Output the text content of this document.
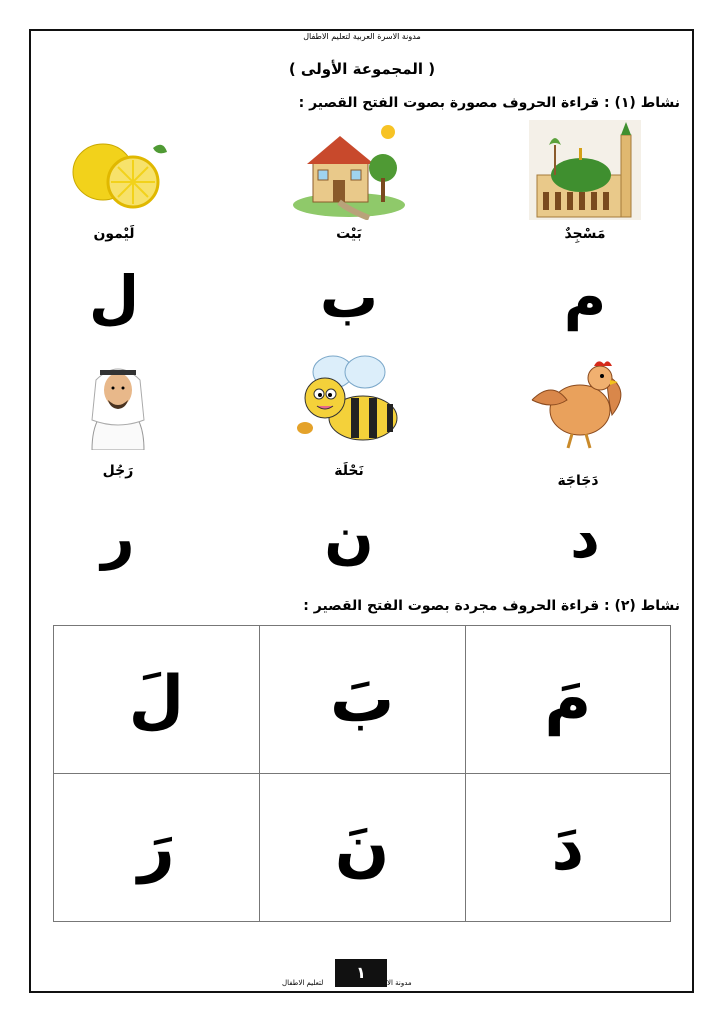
مدونة الاسرة العربية لتعليم الاطفال
( المجموعة الأولى )
نشاط (١) : قراءة الحروف مصورة بصوت الفتح القصير :
مَسْجِدٌ
بَيْت
لَيْمون
م
ب
ل
دَجَاجَة
نَحْلَة
رَجُل
د
ن
ر
نشاط (٢) : قراءة الحروف مجردة بصوت الفتح القصير :
مَ	بَ	لَ
دَ	نَ	رَ
مدونة الا
١
لتعليم الاطفال
